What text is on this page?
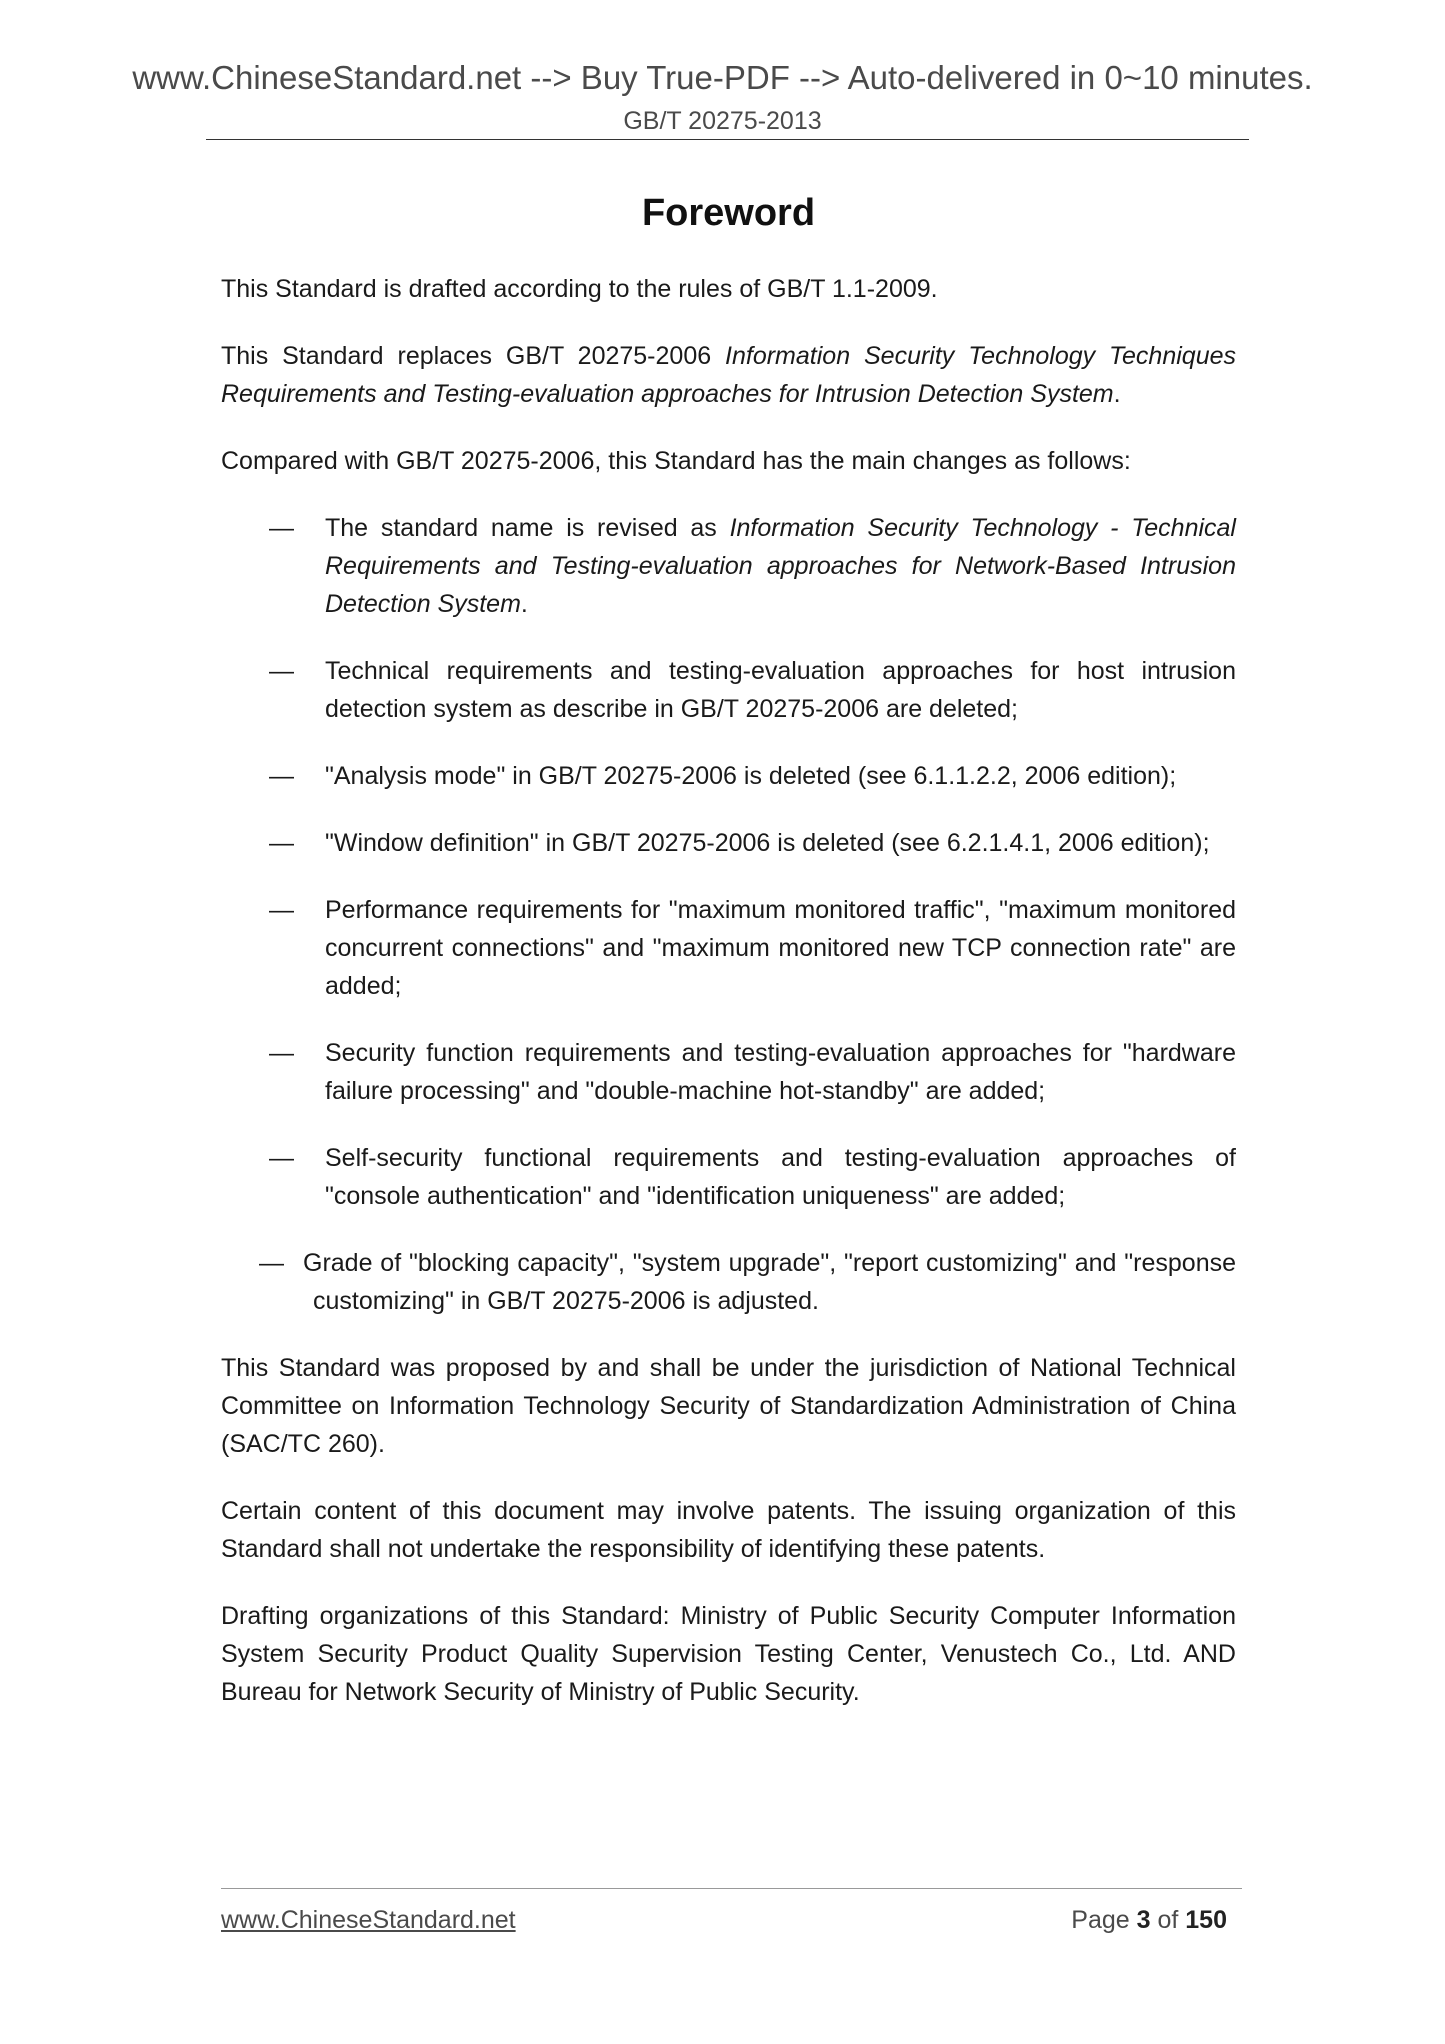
www.ChineseStandard.net --> Buy True-PDF --> Auto-delivered in 0~10 minutes.
GB/T 20275-2013
Foreword

This Standard is drafted according to the rules of GB/T 1.1-2009.

This Standard replaces GB/T 20275-2006 Information Security Technology Techniques Requirements and Testing-evaluation approaches for Intrusion Detection System.

Compared with GB/T 20275-2006, this Standard has the main changes as follows:

— The standard name is revised as Information Security Technology - Technical Requirements and Testing-evaluation approaches for Network-Based Intrusion Detection System.
— Technical requirements and testing-evaluation approaches for host intrusion detection system as describe in GB/T 20275-2006 are deleted;
— "Analysis mode" in GB/T 20275-2006 is deleted (see 6.1.1.2.2, 2006 edition);
— "Window definition" in GB/T 20275-2006 is deleted (see 6.2.1.4.1, 2006 edition);
— Performance requirements for "maximum monitored traffic", "maximum monitored concurrent connections" and "maximum monitored new TCP connection rate" are added;
— Security function requirements and testing-evaluation approaches for "hardware failure processing" and "double-machine hot-standby" are added;
— Self-security functional requirements and testing-evaluation approaches of "console authentication" and "identification uniqueness" are added;
— Grade of "blocking capacity", "system upgrade", "report customizing" and "response customizing" in GB/T 20275-2006 is adjusted.

This Standard was proposed by and shall be under the jurisdiction of National Technical Committee on Information Technology Security of Standardization Administration of China (SAC/TC 260).

Certain content of this document may involve patents. The issuing organization of this Standard shall not undertake the responsibility of identifying these patents.

Drafting organizations of this Standard: Ministry of Public Security Computer Information System Security Product Quality Supervision Testing Center, Venustech Co., Ltd. AND Bureau for Network Security of Ministry of Public Security.

www.ChineseStandard.net	Page 3 of 150
